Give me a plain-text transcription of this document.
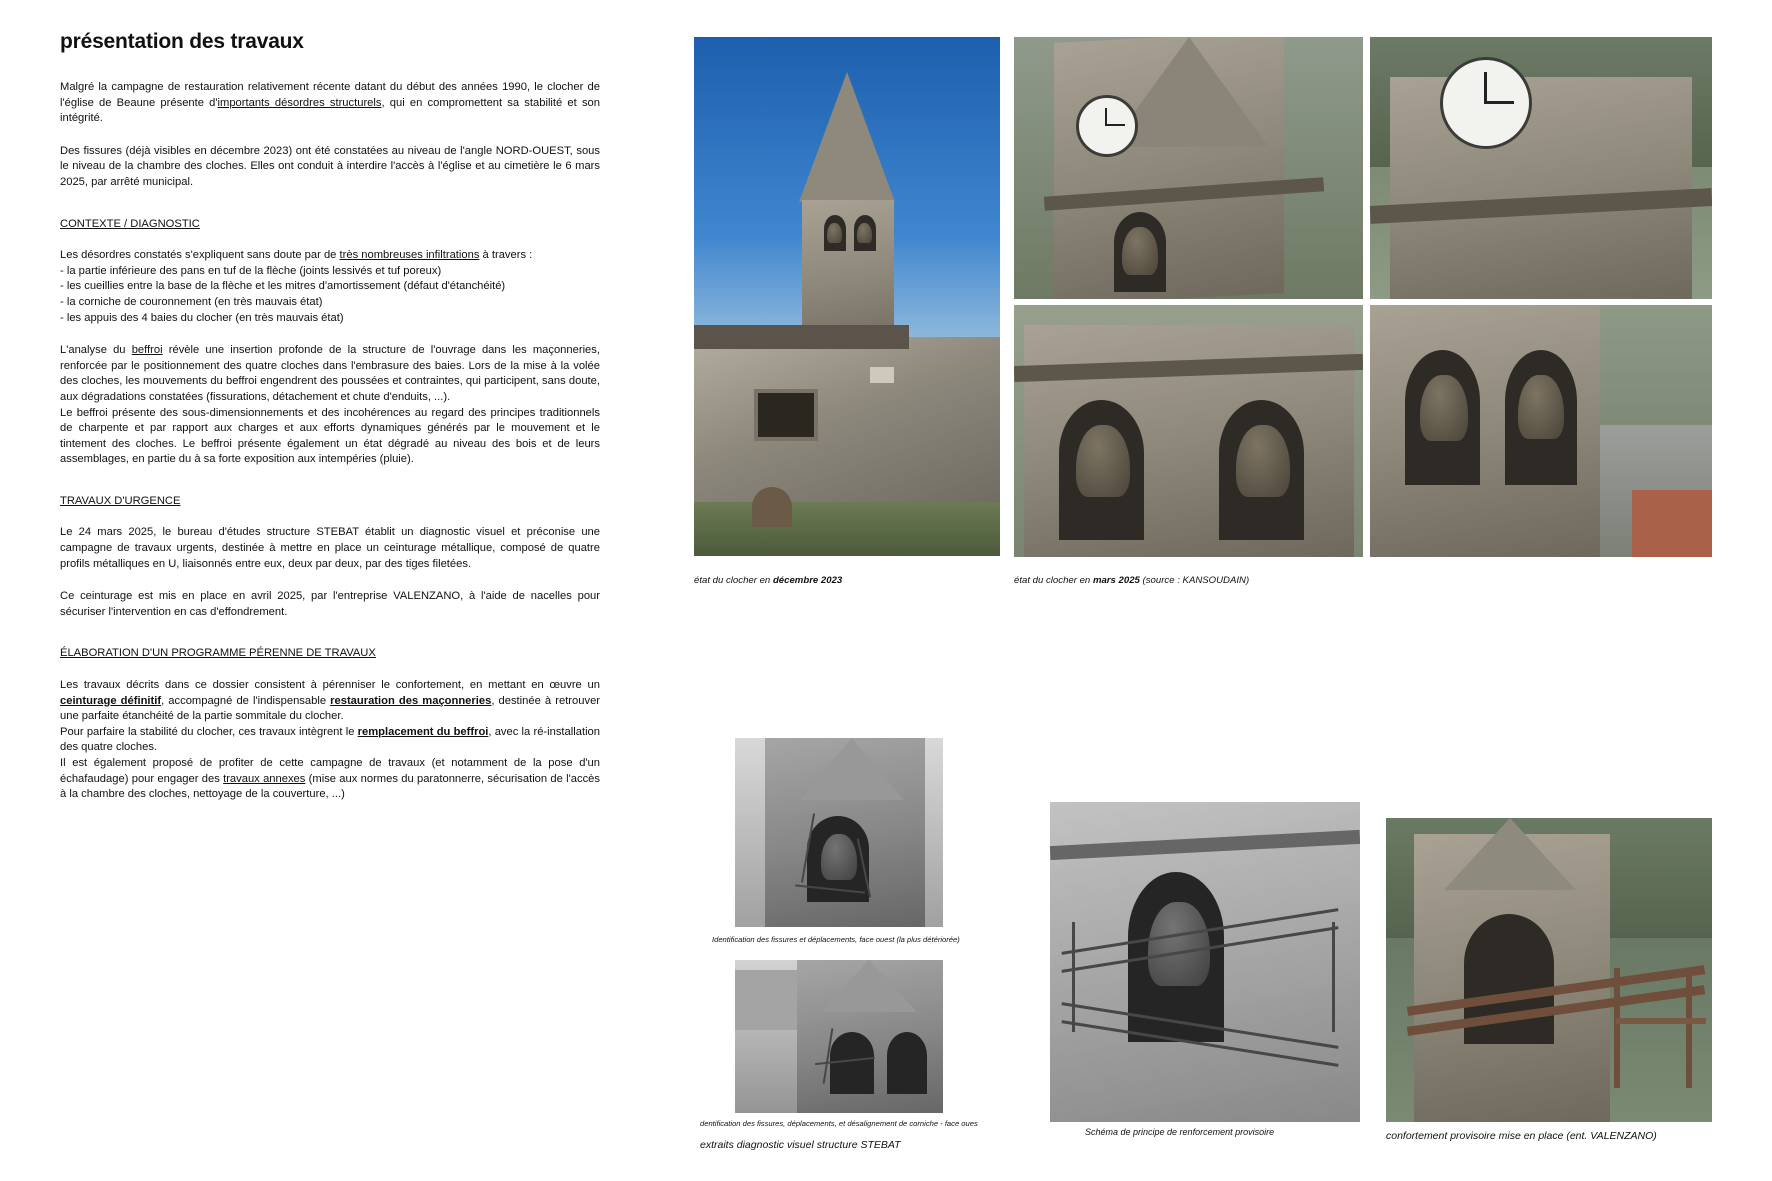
présentation des travaux

Malgré la campagne de restauration relativement récente datant du début des années 1990, le clocher de l'église de Beaune présente d'importants désordres structurels, qui en compromettent sa stabilité et son intégrité.

Des fissures (déjà visibles en décembre 2023) ont été constatées au niveau de l'angle NORD-OUEST, sous le niveau de la chambre des cloches. Elles ont conduit à interdire l'accès à l'église et au cimetière le 6 mars 2025, par arrêté municipal.

CONTEXTE / DIAGNOSTIC

Les désordres constatés s'expliquent sans doute par de très nombreuses infiltrations à travers :

- la partie inférieure des pans en tuf de la flèche (joints lessivés et tuf poreux)
- les cueillies entre la base de la flèche et les mitres d'amortissement (défaut d'étanchéité)
- la corniche de couronnement (en très mauvais état)
- les appuis des 4 baies du clocher (en très mauvais état)

L'analyse du beffroi révèle une insertion profonde de la structure de l'ouvrage dans les maçonneries, renforcée par le positionnement des quatre cloches dans l'embrasure des baies. Lors de la mise à la volée des cloches, les mouvements du beffroi engendrent des poussées et contraintes, qui participent, sans doute, aux dégradations constatées (fissurations, détachement et chute d'enduits, ...).
Le beffroi présente des sous-dimensionnements et des incohérences au regard des principes traditionnels de charpente et par rapport aux charges et aux efforts dynamiques générés par le mouvement et le tintement des cloches. Le beffroi présente également un état dégradé au niveau des bois et de leurs assemblages, en partie du à sa forte exposition aux intempéries (pluie).

TRAVAUX D'URGENCE

Le 24 mars 2025, le bureau d'études structure STEBAT établit un diagnostic visuel et préconise une campagne de travaux urgents, destinée à mettre en place un ceinturage métallique, composé de quatre profils métalliques en U, liaisonnés entre eux, deux par deux, par des tiges filetées.

Ce ceinturage est mis en place en avril 2025, par l'entreprise VALENZANO, à l'aide de nacelles pour sécuriser l'intervention en cas d'effondrement.

ÉLABORATION D'UN PROGRAMME PÉRENNE DE TRAVAUX

Les travaux décrits dans ce dossier consistent à pérenniser le confortement, en mettant en œuvre un ceinturage définitif, accompagné de l'indispensable restauration des maçonneries, destinée à retrouver une parfaite étanchéité de la partie sommitale du clocher.

Pour parfaire la stabilité du clocher, ces travaux intègrent le remplacement du beffroi, avec la ré-installation des quatre cloches.

Il est également proposé de profiter de cette campagne de travaux (et notamment de la pose d'un échafaudage) pour engager des travaux annexes (mise aux normes du paratonnerre, sécurisation de l'accès à la chambre des cloches, nettoyage de la couverture, ...)

état du clocher en décembre 2023	état du clocher en mars 2025 (source : KANSOUDAIN)
Identification des fissures et déplacements, face ouest (la plus détériorée)
dentification des fissures, déplacements, et désalignement de corniche - face oues
extraits diagnostic visuel structure STEBAT
Schéma de principe de renforcement provisoire	confortement provisoire mise en place (ent. VALENZANO)
